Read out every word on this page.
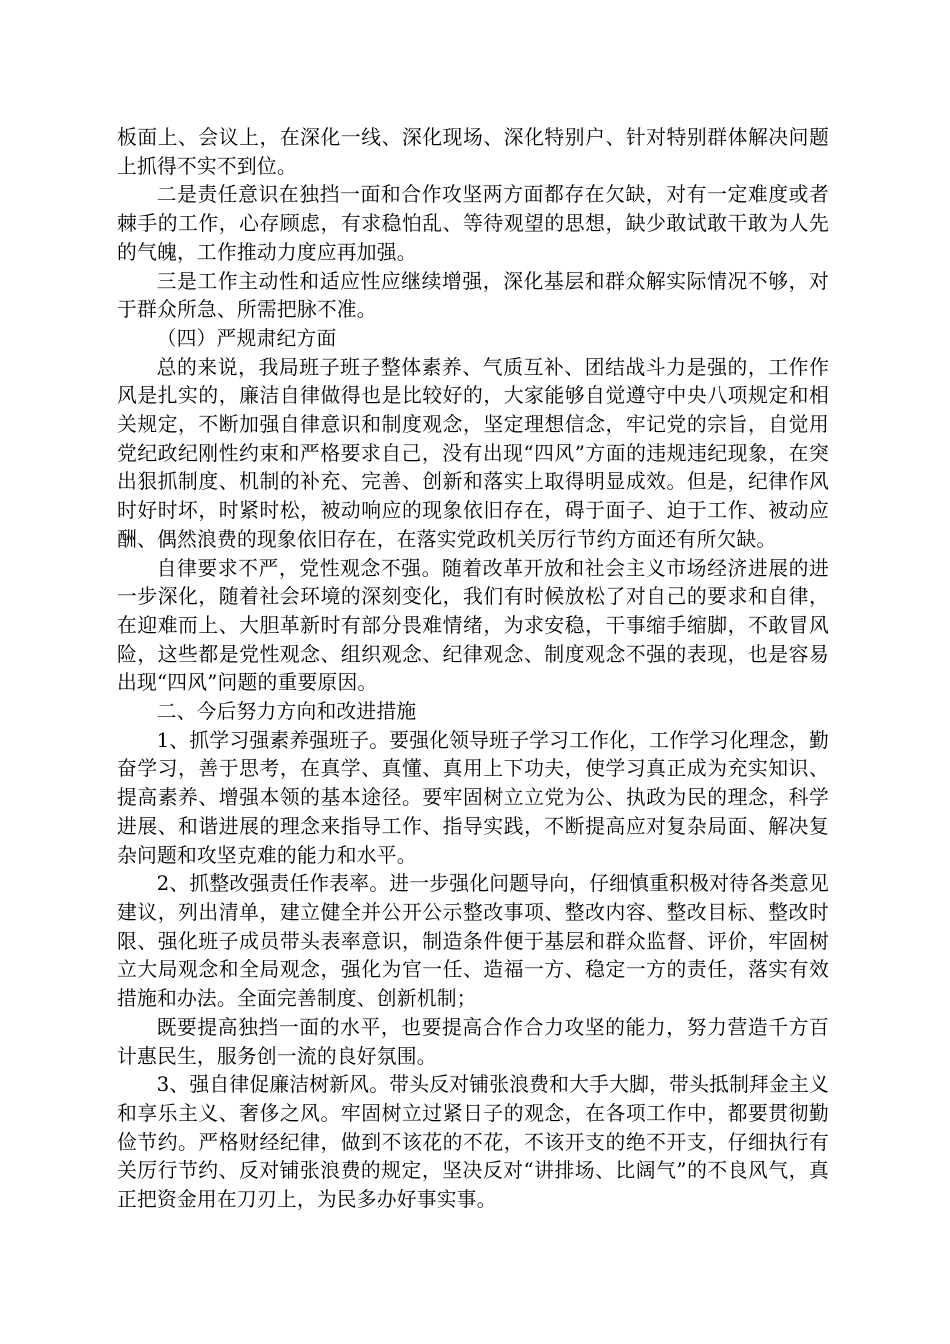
板面上、会议上，在深化一线、深化现场、深化特别户、针对特别群体解决问题上抓得不实不到位。

二是责任意识在独挡一面和合作攻坚两方面都存在欠缺，对有一定难度或者棘手的工作，心存顾虑，有求稳怕乱、等待观望的思想，缺少敢试敢干敢为人先的气魄，工作推动力度应再加强。

三是工作主动性和适应性应继续增强，深化基层和群众解实际情况不够，对于群众所急、所需把脉不准。

（四）严规肃纪方面

总的来说，我局班子班子整体素养、气质互补、团结战斗力是强的，工作作风是扎实的，廉洁自律做得也是比较好的，大家能够自觉遵守中央八项规定和相关规定，不断加强自律意识和制度观念，坚定理想信念，牢记党的宗旨，自觉用党纪政纪刚性约束和严格要求自己，没有出现“四风”方面的违规违纪现象，在突出狠抓制度、机制的补充、完善、创新和落实上取得明显成效。但是，纪律作风时好时坏，时紧时松，被动响应的现象依旧存在，碍于面子、迫于工作、被动应酬、偶然浪费的现象依旧存在，在落实党政机关厉行节约方面还有所欠缺。

自律要求不严，党性观念不强。随着改革开放和社会主义市场经济进展的进一步深化，随着社会环境的深刻变化，我们有时候放松了对自己的要求和自律，在迎难而上、大胆革新时有部分畏难情绪，为求安稳，干事缩手缩脚，不敢冒风险，这些都是党性观念、组织观念、纪律观念、制度观念不强的表现，也是容易出现“四风”问题的重要原因。

二、今后努力方向和改进措施

1、抓学习强素养强班子。要强化领导班子学习工作化，工作学习化理念，勤奋学习，善于思考，在真学、真懂、真用上下功夫，使学习真正成为充实知识、提高素养、增强本领的基本途径。要牢固树立立党为公、执政为民的理念，科学进展、和谐进展的理念来指导工作、指导实践，不断提高应对复杂局面、解决复杂问题和攻坚克难的能力和水平。

2、抓整改强责任作表率。进一步强化问题导向，仔细慎重积极对待各类意见建议，列出清单，建立健全并公开公示整改事项、整改内容、整改目标、整改时限、强化班子成员带头表率意识，制造条件便于基层和群众监督、评价，牢固树立大局观念和全局观念，强化为官一任、造福一方、稳定一方的责任，落实有效措施和办法。全面完善制度、创新机制；

既要提高独挡一面的水平，也要提高合作合力攻坚的能力，努力营造千方百计惠民生，服务创一流的良好氛围。

3、强自律促廉洁树新风。带头反对铺张浪费和大手大脚，带头抵制拜金主义和享乐主义、奢侈之风。牢固树立过紧日子的观念，在各项工作中，都要贯彻勤俭节约。严格财经纪律，做到不该花的不花，不该开支的绝不开支，仔细执行有关厉行节约、反对铺张浪费的规定，坚决反对“讲排场、比阔气”的不良风气，真正把资金用在刀刃上，为民多办好事实事。
